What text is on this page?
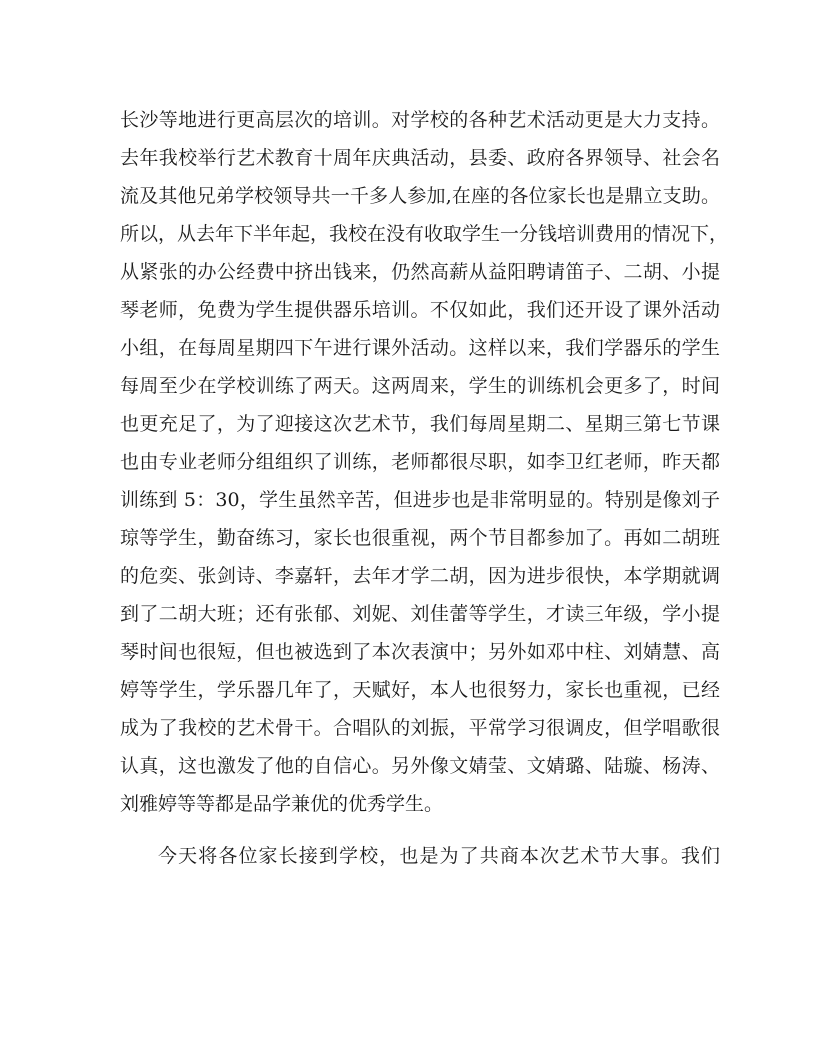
长沙等地进行更高层次的培训。对学校的各种艺术活动更是大力支持。
去年我校举行艺术教育十周年庆典活动，县委、政府各界领导、社会名
流及其他兄弟学校领导共一千多人参加,在座的各位家长也是鼎立支助。
所以，从去年下半年起，我校在没有收取学生一分钱培训费用的情况下，
从紧张的办公经费中挤出钱来，仍然高薪从益阳聘请笛子、二胡、小提
琴老师，免费为学生提供器乐培训。不仅如此，我们还开设了课外活动
小组，在每周星期四下午进行课外活动。这样以来，我们学器乐的学生
每周至少在学校训练了两天。这两周来，学生的训练机会更多了，时间
也更充足了，为了迎接这次艺术节，我们每周星期二、星期三第七节课
也由专业老师分组组织了训练，老师都很尽职，如李卫红老师，昨天都
训练到 5：30，学生虽然辛苦，但进步也是非常明显的。特别是像刘子
琼等学生，勤奋练习，家长也很重视，两个节目都参加了。再如二胡班
的危奕、张剑诗、李嘉轩，去年才学二胡，因为进步很快，本学期就调
到了二胡大班；还有张郁、刘妮、刘佳蕾等学生，才读三年级，学小提
琴时间也很短，但也被选到了本次表演中；另外如邓中柱、刘婧慧、高
婷等学生，学乐器几年了，天赋好，本人也很努力，家长也重视，已经
成为了我校的艺术骨干。合唱队的刘振，平常学习很调皮，但学唱歌很
认真，这也激发了他的自信心。另外像文婧莹、文婧璐、陆璇、杨涛、
刘雅婷等等都是品学兼优的优秀学生。
今天将各位家长接到学校，也是为了共商本次艺术节大事。我们
